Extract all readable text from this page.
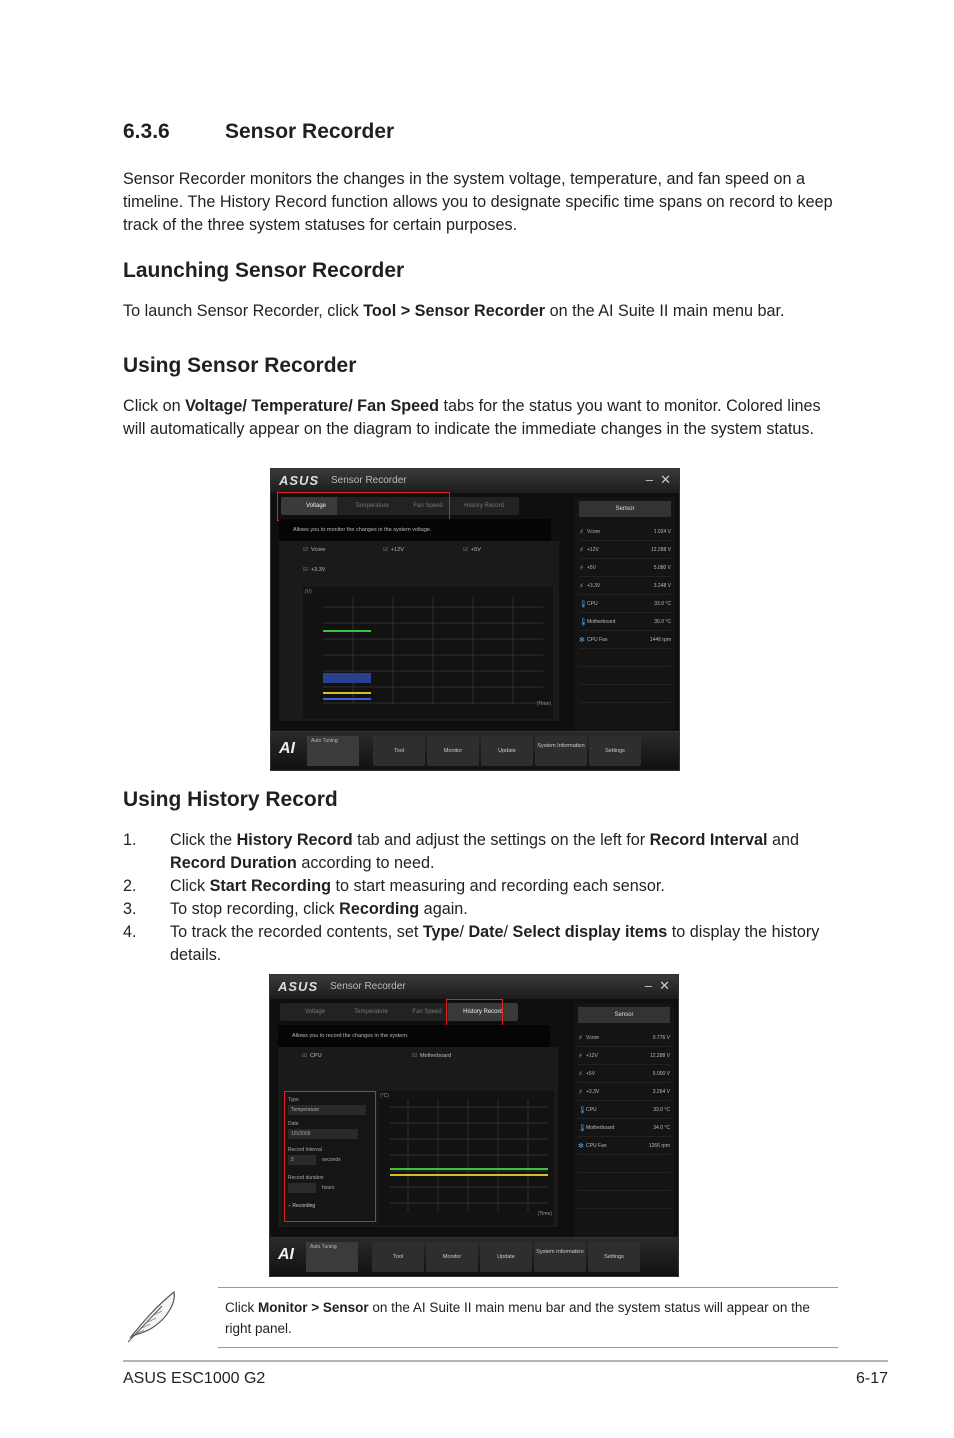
6.3.6	Sensor Recorder
Sensor Recorder monitors the changes in the system voltage, temperature, and fan speed on a timeline. The History Record function allows you to designate specific time spans on record to keep track of the three system statuses for certain purposes.
Launching Sensor Recorder
To launch Sensor Recorder, click Tool > Sensor Recorder on the AI Suite II main menu bar.
Using Sensor Recorder
Click on Voltage/ Temperature/ Fan Speed tabs for the status you want to monitor. Colored lines will automatically appear on the diagram to indicate the immediate changes in the system status.
ASUS Sensor Recorder	– ✕
Voltage	Temperature	Fan Speed	History Record
Allows you to monitor the changes in the system voltage.
☑ Vcore	☑ +12V	☑ +5V
☑ +3.3V
(V)
(Time)
Sensor
⚡ Vcore	1.024 V
⚡ +12V	12.288 V
⚡ +5V	5.080 V
⚡ +3.3V	3.248 V
🌡 CPU	33.0 °C
🌡 Motherboard	35.0 °C
✻ CPU Fan	1446 rpm
AI	Auto Tuning
Tool	Monitor	Update
System Information
Settings
Using History Record
1. Click the History Record tab and adjust the settings on the left for Record Interval and Record Duration according to need.
2. Click Start Recording to start measuring and recording each sensor.
3. To stop recording, click Recording again.
4. To track the recorded contents, set Type/ Date/ Select display items to display the history details.
ASUS Sensor Recorder	– ✕
Voltage	Temperature	Fan Speed	History Record
Allows you to record the changes in the system.
☑ CPU	☑ Motherboard
Type
Temperature
Date
1/5/2009
Record Interval
5	seconds
Record duration
hours
● Recording
(°C)
(Time)
Sensor
⚡ Vcore	0.776 V
⚡ +12V	12.288 V
⚡ +5V	5.000 V
⚡ +3.3V	3.264 V
🌡 CPU	33.0 °C
🌡 Motherboard	34.0 °C
✻ CPU Fan	1266 rpm
AI	Auto Tuning
Tool	Monitor	Update
System Information
Settings
Click Monitor > Sensor on the AI Suite II main menu bar and the system status will appear on the right panel.
ASUS ESC1000 G2	6-17
